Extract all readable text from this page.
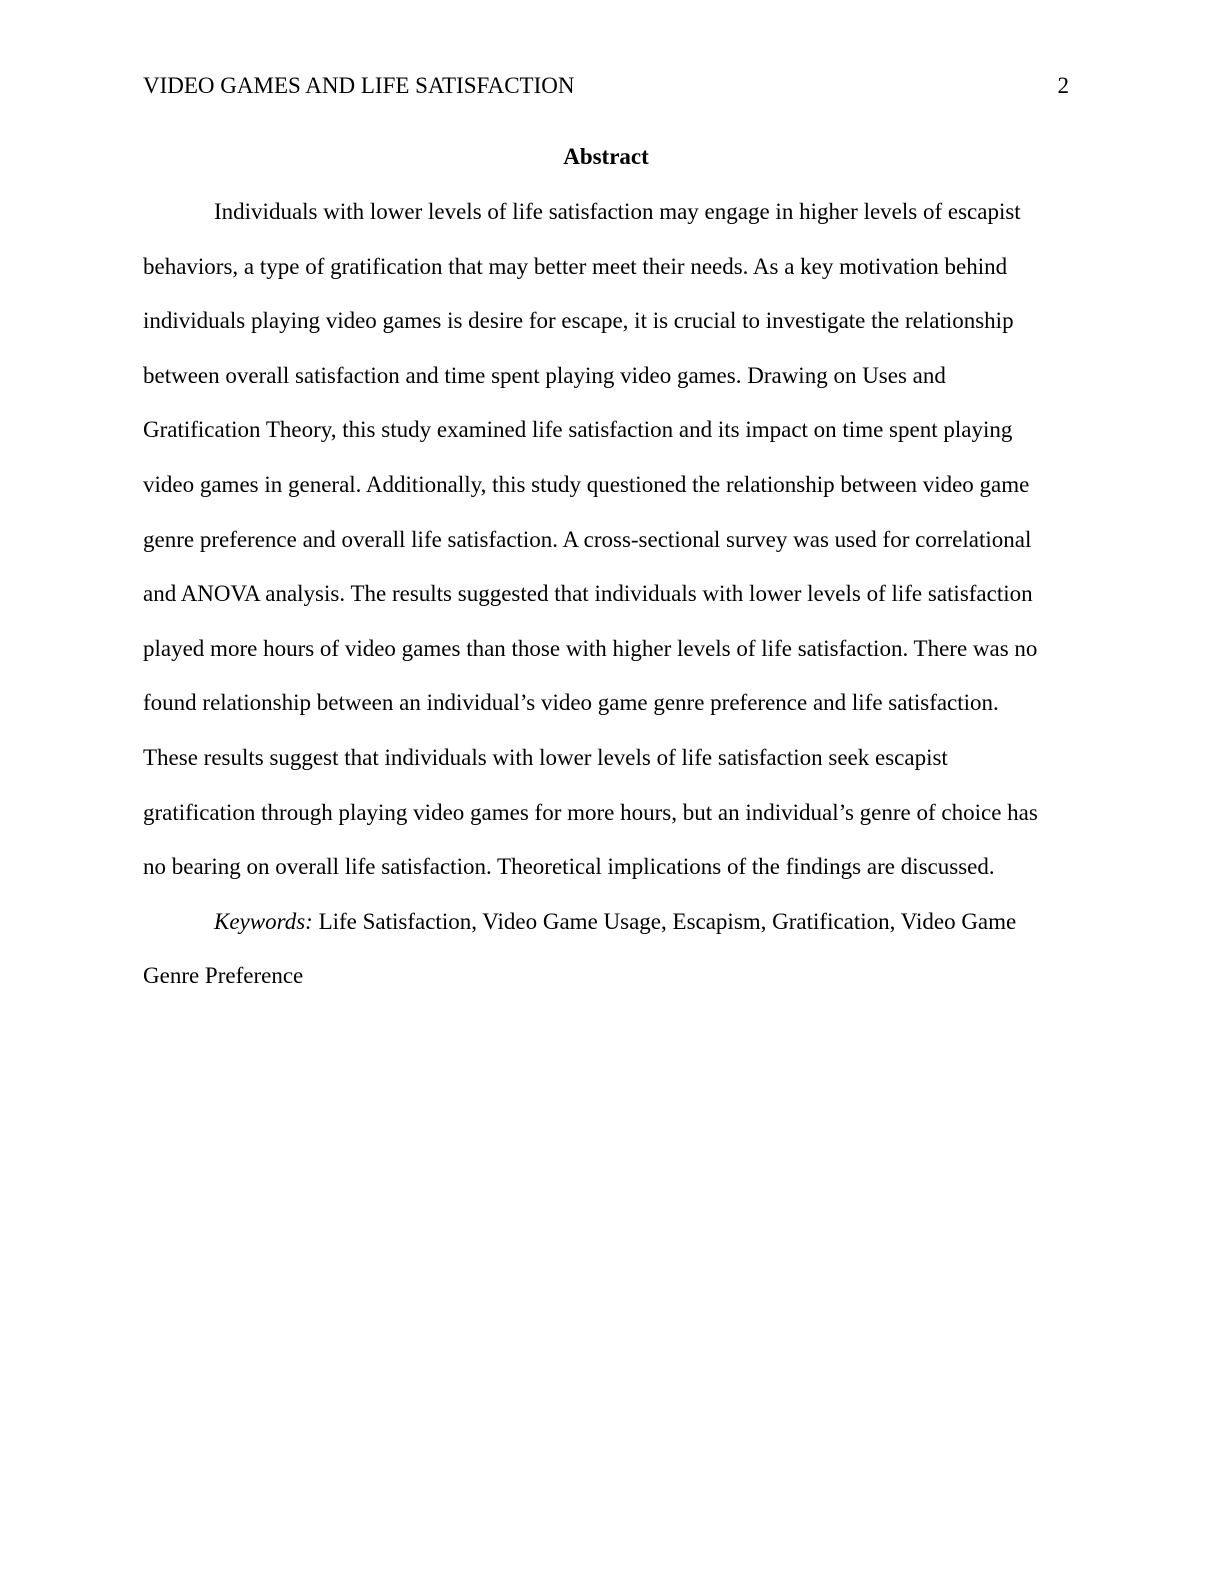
VIDEO GAMES AND LIFE SATISFACTION	2
Abstract
Individuals with lower levels of life satisfaction may engage in higher levels of escapist
behaviors, a type of gratification that may better meet their needs. As a key motivation behind
individuals playing video games is desire for escape, it is crucial to investigate the relationship
between overall satisfaction and time spent playing video games. Drawing on Uses and
Gratification Theory, this study examined life satisfaction and its impact on time spent playing
video games in general. Additionally, this study questioned the relationship between video game
genre preference and overall life satisfaction. A cross-sectional survey was used for correlational
and ANOVA analysis. The results suggested that individuals with lower levels of life satisfaction
played more hours of video games than those with higher levels of life satisfaction. There was no
found relationship between an individual’s video game genre preference and life satisfaction.
These results suggest that individuals with lower levels of life satisfaction seek escapist
gratification through playing video games for more hours, but an individual’s genre of choice has
no bearing on overall life satisfaction. Theoretical implications of the findings are discussed.
Keywords: Life Satisfaction, Video Game Usage, Escapism, Gratification, Video Game
Genre Preference
